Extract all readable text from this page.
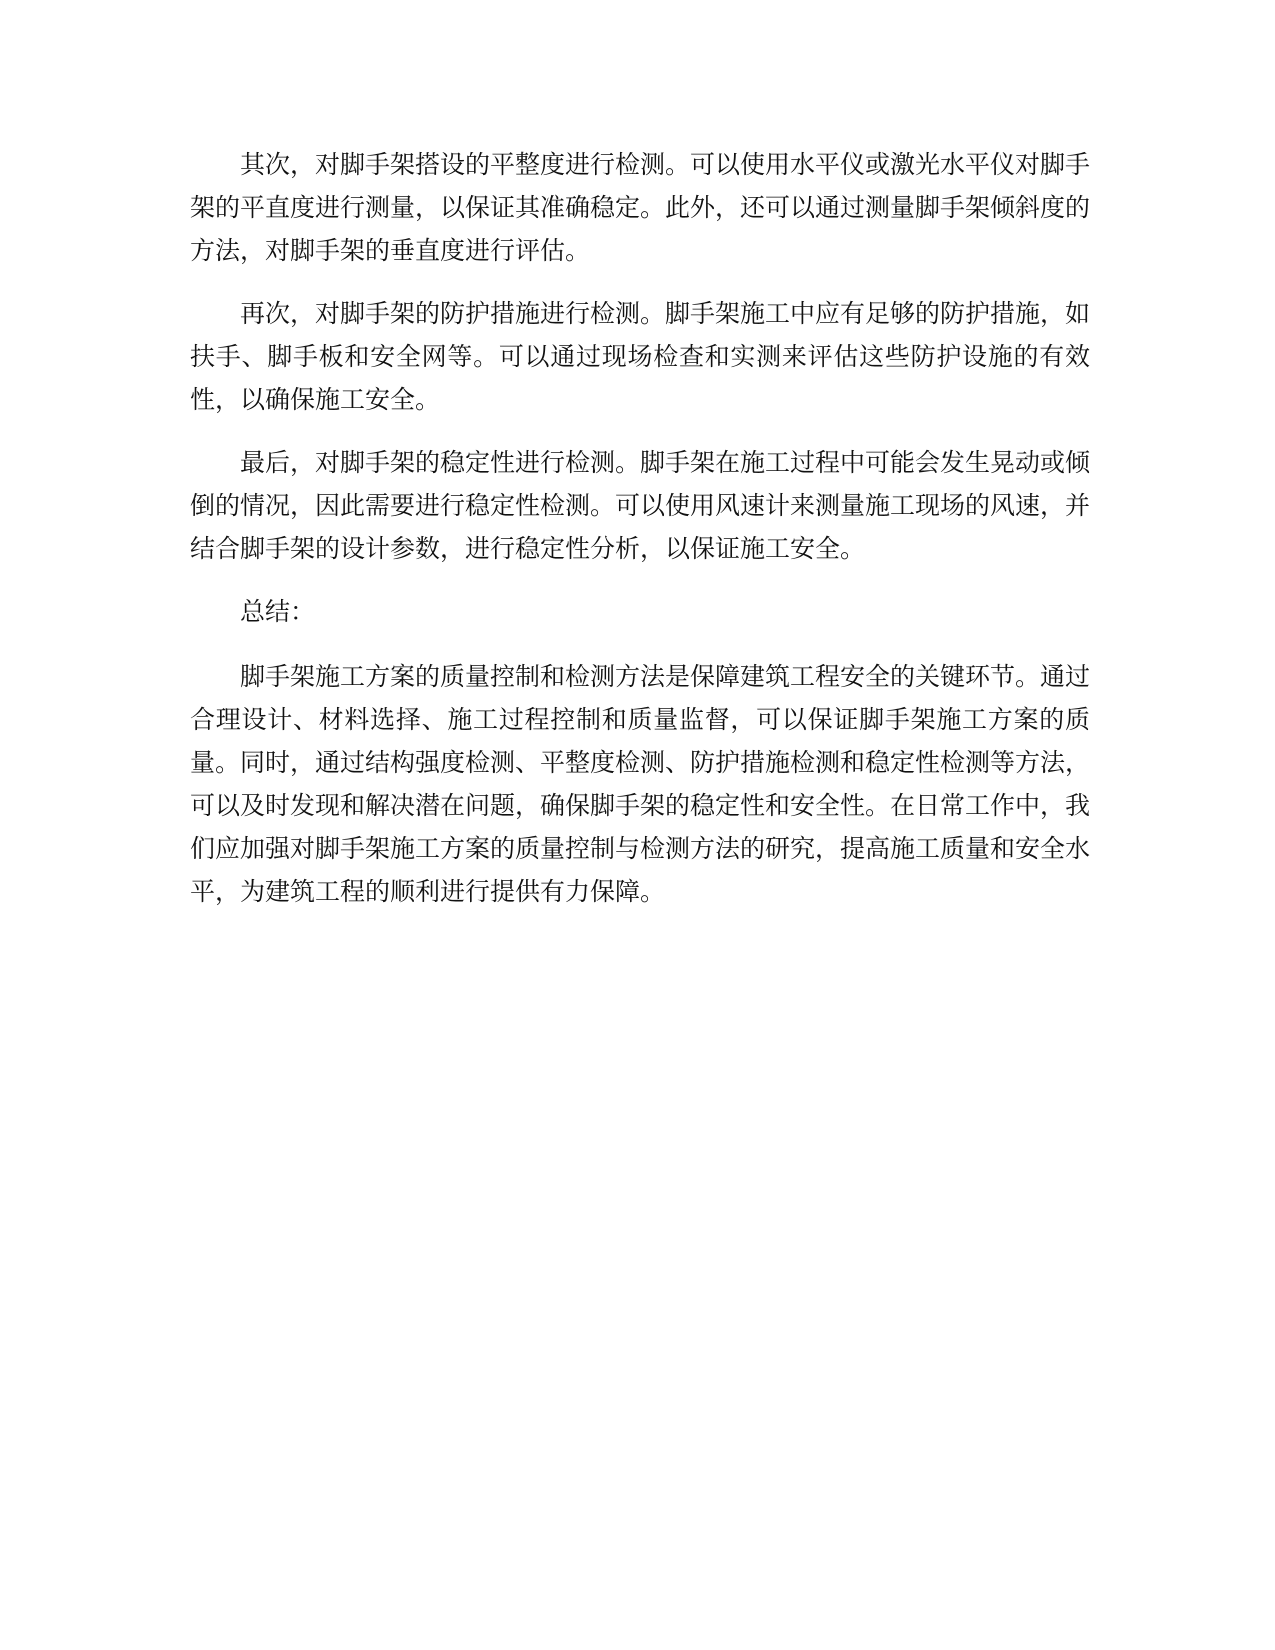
其次，对脚手架搭设的平整度进行检测。可以使用水平仪或激光水平仪对脚手架的平直度进行测量，以保证其准确稳定。此外，还可以通过测量脚手架倾斜度的方法，对脚手架的垂直度进行评估。

再次，对脚手架的防护措施进行检测。脚手架施工中应有足够的防护措施，如扶手、脚手板和安全网等。可以通过现场检查和实测来评估这些防护设施的有效性，以确保施工安全。

最后，对脚手架的稳定性进行检测。脚手架在施工过程中可能会发生晃动或倾倒的情况，因此需要进行稳定性检测。可以使用风速计来测量施工现场的风速，并结合脚手架的设计参数，进行稳定性分析，以保证施工安全。

总结：

脚手架施工方案的质量控制和检测方法是保障建筑工程安全的关键环节。通过合理设计、材料选择、施工过程控制和质量监督，可以保证脚手架施工方案的质量。同时，通过结构强度检测、平整度检测、防护措施检测和稳定性检测等方法，可以及时发现和解决潜在问题，确保脚手架的稳定性和安全性。在日常工作中，我们应加强对脚手架施工方案的质量控制与检测方法的研究，提高施工质量和安全水平，为建筑工程的顺利进行提供有力保障。
